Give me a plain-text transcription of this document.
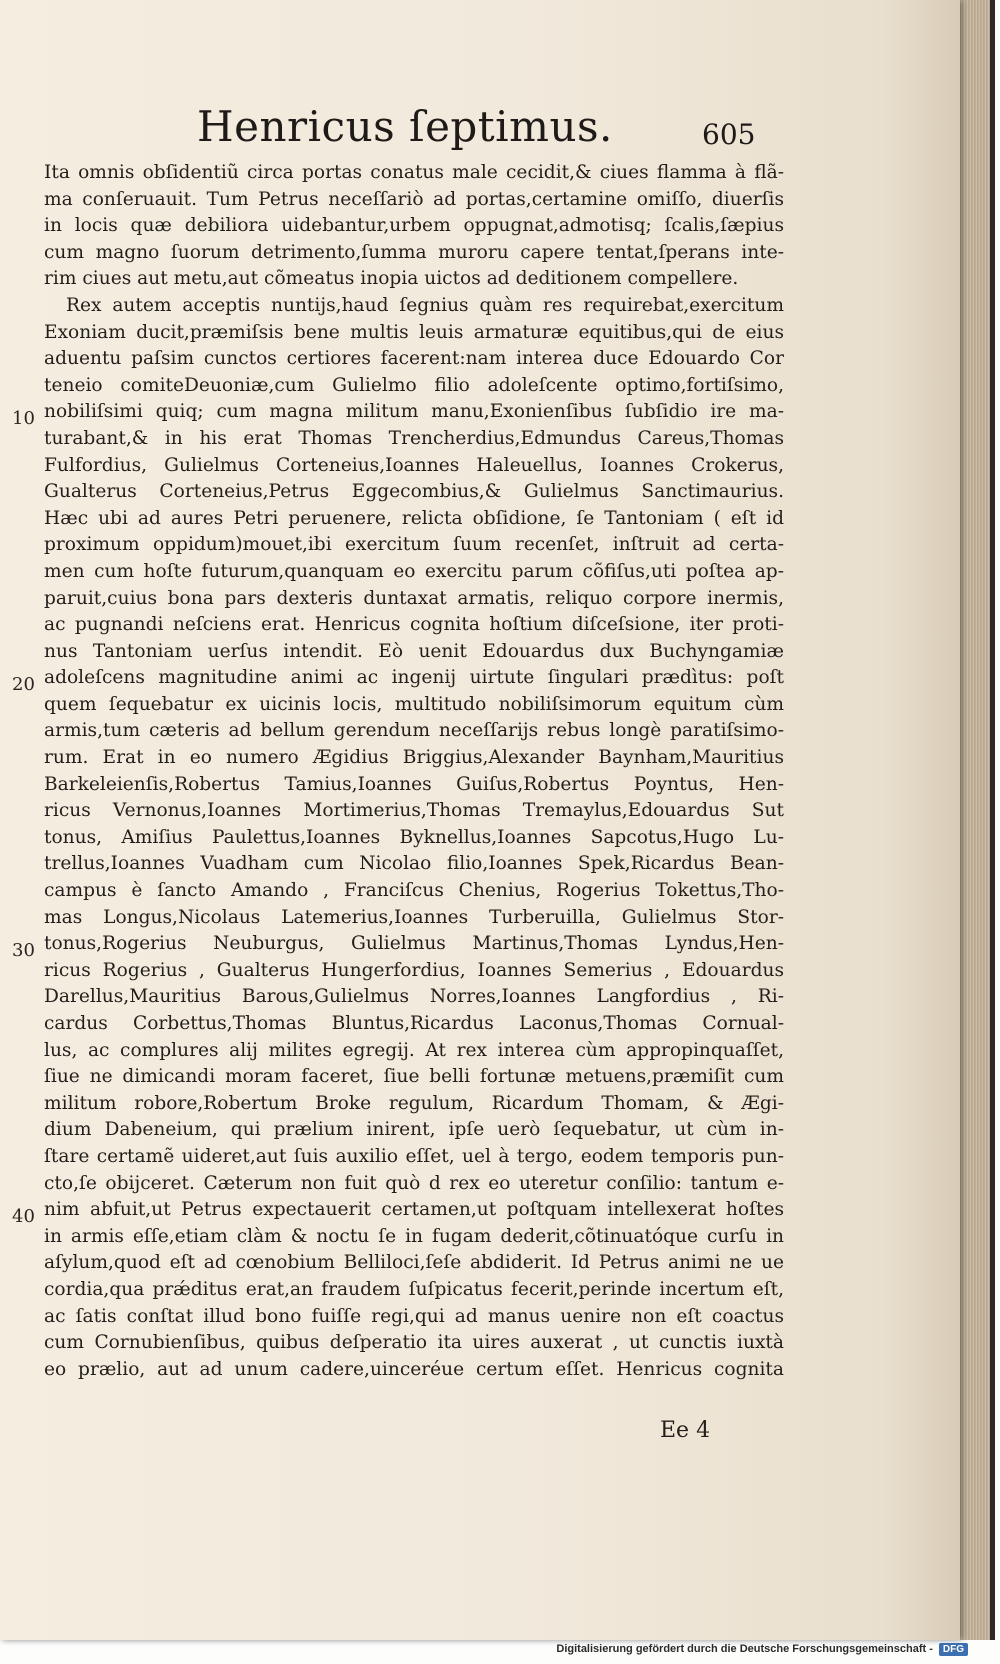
Henricus ſeptimus.	605
10
20
30
40
Ita omnis obſidentiũ circa portas conatus male cecidit,& ciues flamma à flã-
ma conſeruauit. Tum Petrus neceſſariò ad portas,certamine omiſſo, diuerſis
in locis quæ debiliora uidebantur,urbem oppugnat,admotisq; ſcalis,ſæpius
cum magno ſuorum detrimento,ſumma muroru capere tentat,ſperans inte-
rim ciues aut metu,aut cõmeatus inopia uictos ad deditionem compellere.
Rex autem acceptis nuntijs,haud ſegnius quàm res requirebat,exercitum
Exoniam ducit,præmiſsis bene multis leuis armaturæ equitibus,qui de eius
aduentu paſsim cunctos certiores facerent:nam interea duce Edouardo Cor
teneio comiteDeuoniæ,cum Gulielmo filio adoleſcente optimo,fortiſsimo,
nobiliſsimi quiq; cum magna militum manu,Exonienſibus ſubſidio ire ma-
turabant,& in his erat Thomas Trencherdius,Edmundus Careus,Thomas
Fulfordius, Gulielmus Corteneius,Ioannes Haleuellus, Ioannes Crokerus,
Gualterus Corteneius,Petrus Eggecombius,& Gulielmus Sanctimaurius.
Hæc ubi ad aures Petri peruenere, relicta obſidione, ſe Tantoniam ( eſt id
proximum oppidum)mouet,ibi exercitum ſuum recenſet, inſtruit ad certa-
men cum hoſte futurum,quanquam eo exercitu parum cõfiſus,uti poſtea ap-
paruit,cuius bona pars dexteris duntaxat armatis, reliquo corpore inermis,
ac pugnandi neſciens erat. Henricus cognita hoſtium diſceſsione, iter proti-
nus Tantoniam uerſus intendit. Eò uenit Edouardus dux Buchyngamiæ
adoleſcens magnitudine animi ac ingenij uirtute ſingulari prædìtus: poſt
quem ſequebatur ex uicinis locis, multitudo nobiliſsimorum equitum cùm
armis,tum cæteris ad bellum gerendum neceſſarijs rebus longè paratiſsimo-
rum. Erat in eo numero Ægidius Briggius,Alexander Baynham,Mauritius
Barkeleienſis,Robertus Tamius,Ioannes Guiſus,Robertus Poyntus, Hen-
ricus Vernonus,Ioannes Mortimerius,Thomas Tremaylus,Edouardus Sut
tonus, Amiſius Paulettus,Ioannes Byknellus,Ioannes Sapcotus,Hugo Lu-
trellus,Ioannes Vuadham cum Nicolao filio,Ioannes Spek,Ricardus Bean-
campus è ſancto Amando , Franciſcus Chenius, Rogerius Tokettus,Tho-
mas Longus,Nicolaus Latemerius,Ioannes Turberuilla, Gulielmus Stor-
tonus,Rogerius Neuburgus, Gulielmus Martinus,Thomas Lyndus,Hen-
ricus Rogerius , Gualterus Hungerfordius, Ioannes Semerius , Edouardus
Darellus,Mauritius Barous,Gulielmus Norres,Ioannes Langfordius , Ri-
cardus Corbettus,Thomas Bluntus,Ricardus Laconus,Thomas Cornual-
lus, ac complures alij milites egregij. At rex interea cùm appropinquaſſet,
ſiue ne dimicandi moram faceret, ſiue belli fortunæ metuens,præmiſit cum
militum robore,Robertum Broke regulum, Ricardum Thomam, & Ægi-
dium Dabeneium, qui prælium inirent, ipſe uerò ſequebatur, ut cùm in-
ſtare certamẽ uideret,aut ſuis auxilio eſſet, uel à tergo, eodem temporis pun-
cto,ſe obijceret. Cæterum non fuit quò d rex eo uteretur conſilio: tantum e-
nim abfuit,ut Petrus expectauerit certamen,ut poſtquam intellexerat hoſtes
in armis eſſe,etiam clàm & noctu ſe in fugam dederit,cõtinuatóque curſu in
aſylum,quod eſt ad cœnobium Belliloci,ſeſe abdiderit. Id Petrus animi ne ue
cordia,qua prǽditus erat,an fraudem ſuſpicatus fecerit,perinde incertum eſt,
ac ſatis conſtat illud bono fuiſſe regi,qui ad manus uenire non eſt coactus
cum Cornubienſibus, quibus deſperatio ita uires auxerat , ut cunctis iuxtà
eo prælio, aut ad unum cadere,uinceréue certum eſſet. Henricus cognita
Ee 4
Digitalisierung gefördert durch die Deutsche Forschungsgemeinschaft -	DFG
